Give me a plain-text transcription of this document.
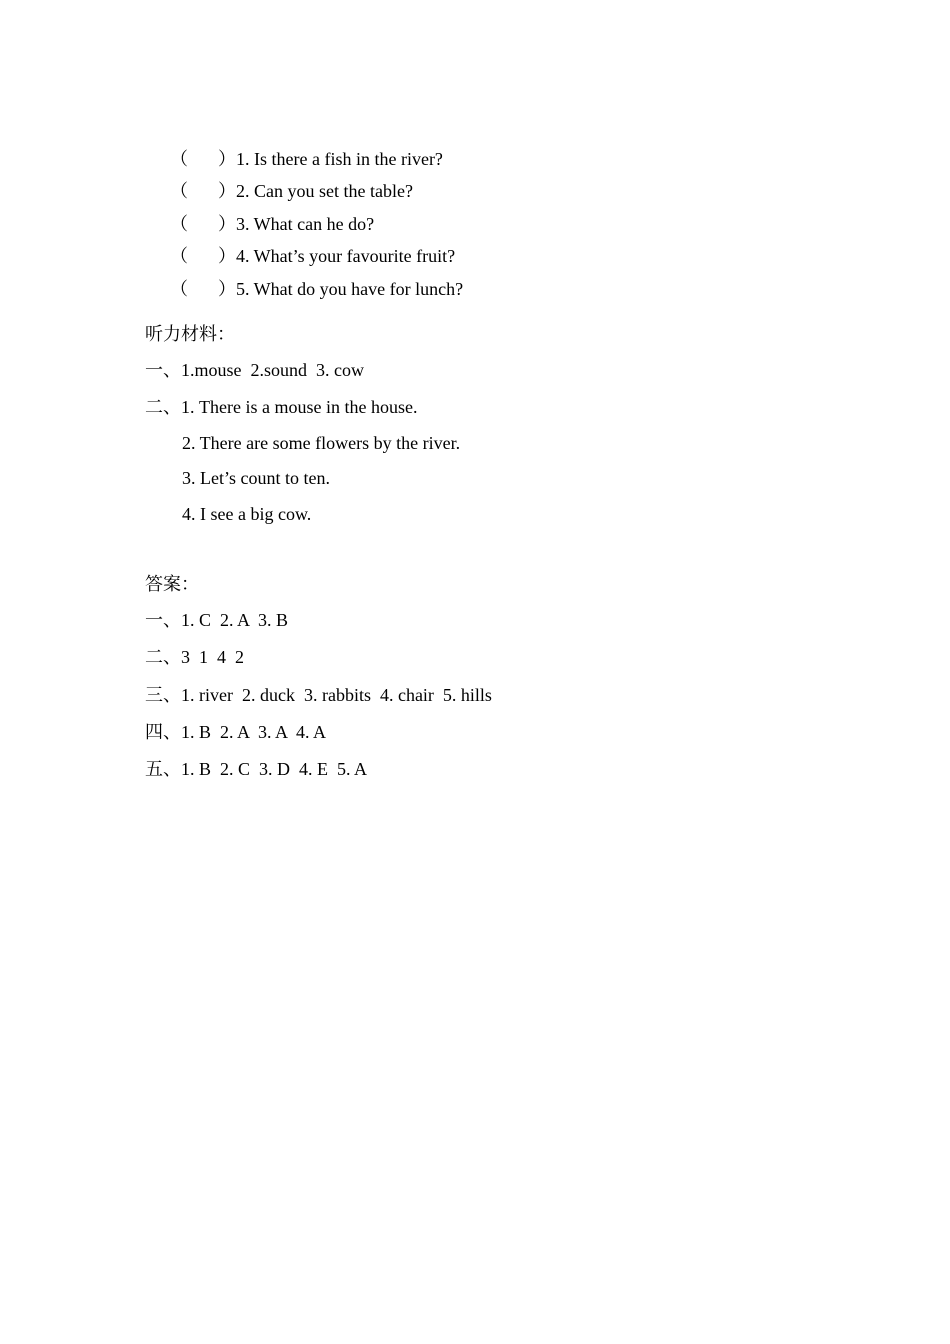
（ ）1. Is there a fish in the river?

（ ）2. Can you set the table?

（ ）3. What can he do?

（ ）4. What’s your favourite fruit?

（ ）5. What do you have for lunch?

听力材料：
一、1.mouse  2.sound  3. cow
二、1. There is a mouse in the house.
2. There are some flowers by the river.
3. Let’s count to ten.
4. I see a big cow.
答案：
一、1. C  2. A  3. B
二、3  1  4  2
三、1. river  2. duck  3. rabbits  4. chair  5. hills
四、1. B  2. A  3. A  4. A
五、1. B  2. C  3. D  4. E  5. A
